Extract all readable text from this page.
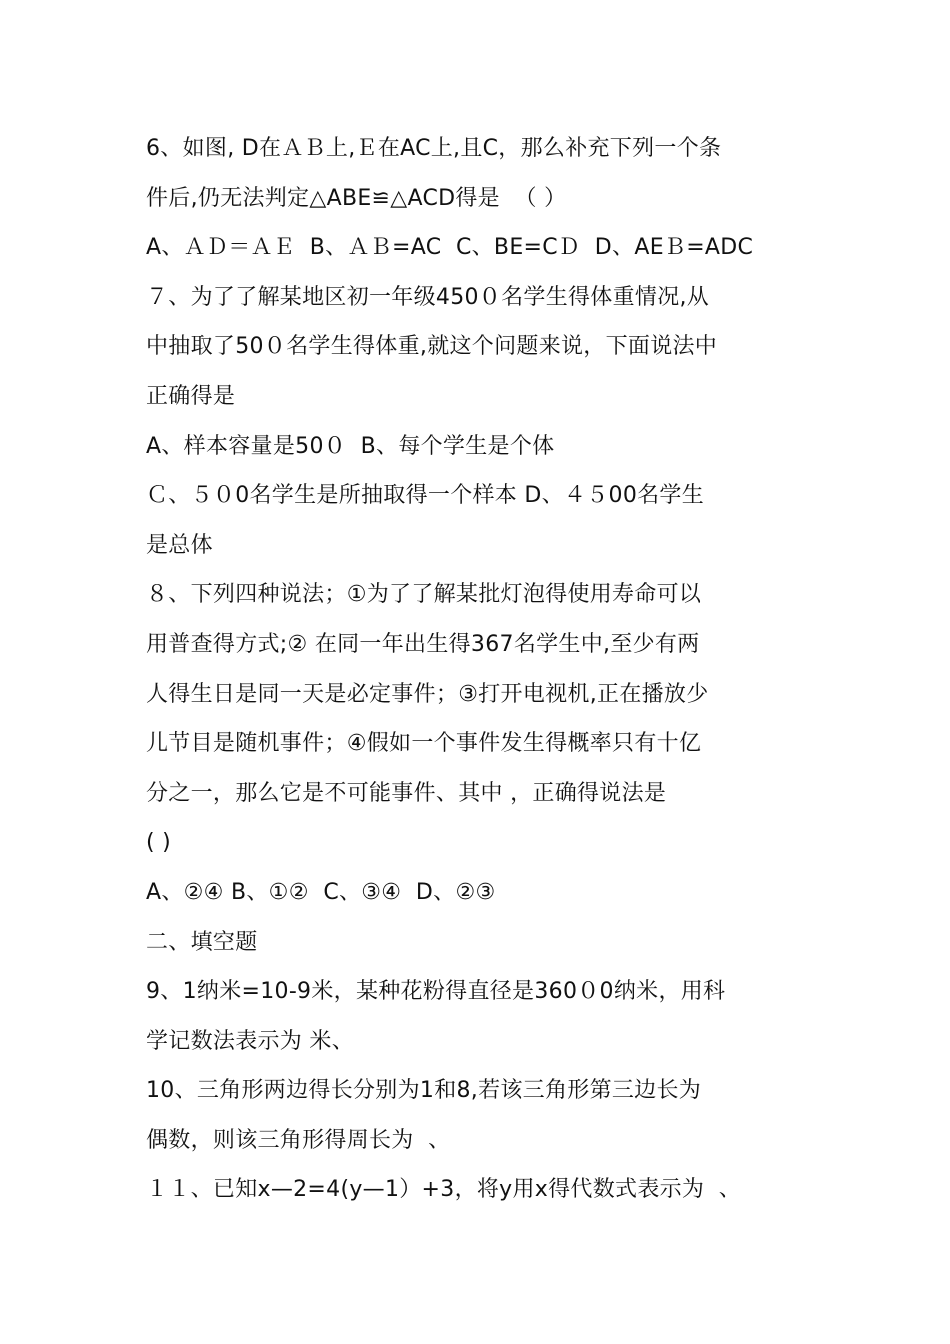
6、如图, D在ＡＢ上,Ｅ在AC上,且C，那么补充下列一个条
件后,仍无法判定△ABE≌△ACD得是  （ ）
A、ＡＤ＝ＡＥ  B、ＡＢ=AC  C、BE=CＤ  D、AEＢ=ADC
７、为了了解某地区初一年级450０名学生得体重情况,从
中抽取了50０名学生得体重,就这个问题来说，下面说法中
正确得是
A、样本容量是50０  B、每个学生是个体
Ｃ、５０0名学生是所抽取得一个样本 D、４５00名学生
是总体
８、下列四种说法；①为了了解某批灯泡得使用寿命可以
用普查得方式;② 在同一年出生得367名学生中,至少有两
人得生日是同一天是必定事件；③打开电视机,正在播放少
儿节目是随机事件；④假如一个事件发生得概率只有十亿
分之一，那么它是不可能事件、其中 ，正确得说法是
( )
A、②④ B、①②  C、③④  D、②③
二、填空题
9、1纳米=10-9米，某种花粉得直径是360０0纳米，用科
学记数法表示为 米、
10、三角形两边得长分别为1和8,若该三角形第三边长为
偶数，则该三角形得周长为  、
１１、已知x—2=4(y—1）+3，将y用x得代数式表示为  、
